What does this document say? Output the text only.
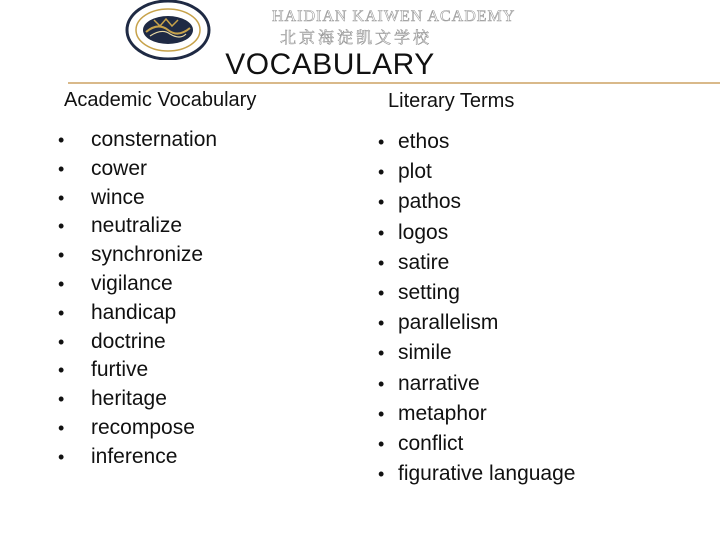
HAIDIAN KAIWEN ACADEMY
北京海淀凯文学校
VOCABULARY
Academic Vocabulary	Literary Terms
• consternation
• cower
• wince
• neutralize
• synchronize
• vigilance
• handicap
• doctrine
• furtive
• heritage
• recompose
• inference
• ethos
• plot
• pathos
• logos
• satire
• setting
• parallelism
• simile
• narrative
• metaphor
• conflict
• figurative language
